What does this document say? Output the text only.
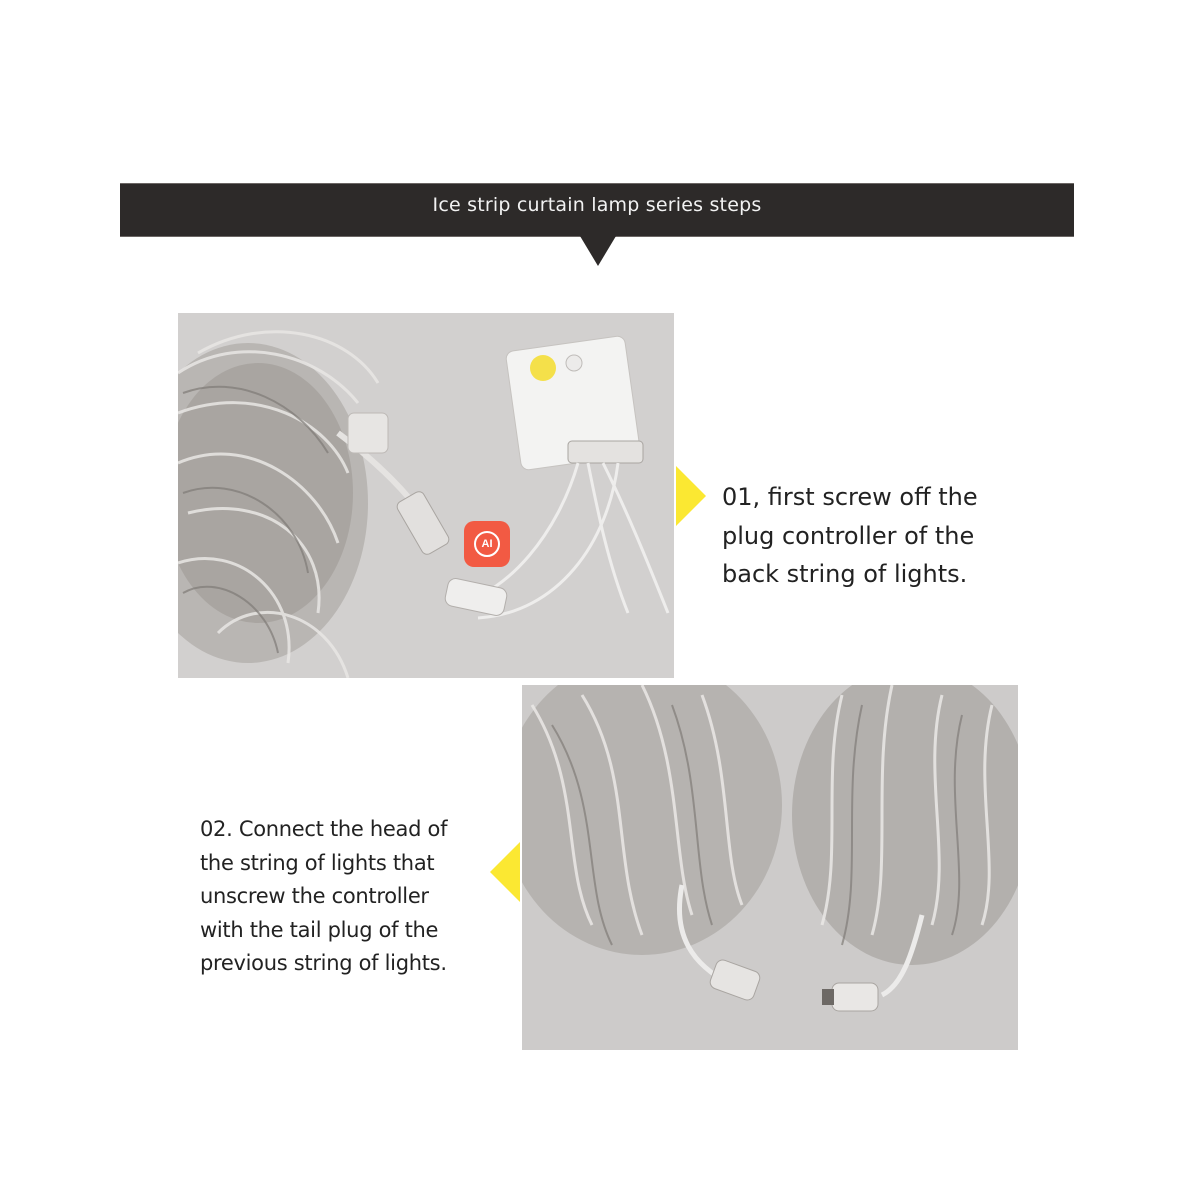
Ice strip curtain lamp series steps
AI
01, first screw off the
plug controller of the
back string of lights.
02. Connect the head of
the string of lights that
unscrew the controller
with the tail plug of the
previous string of lights.
